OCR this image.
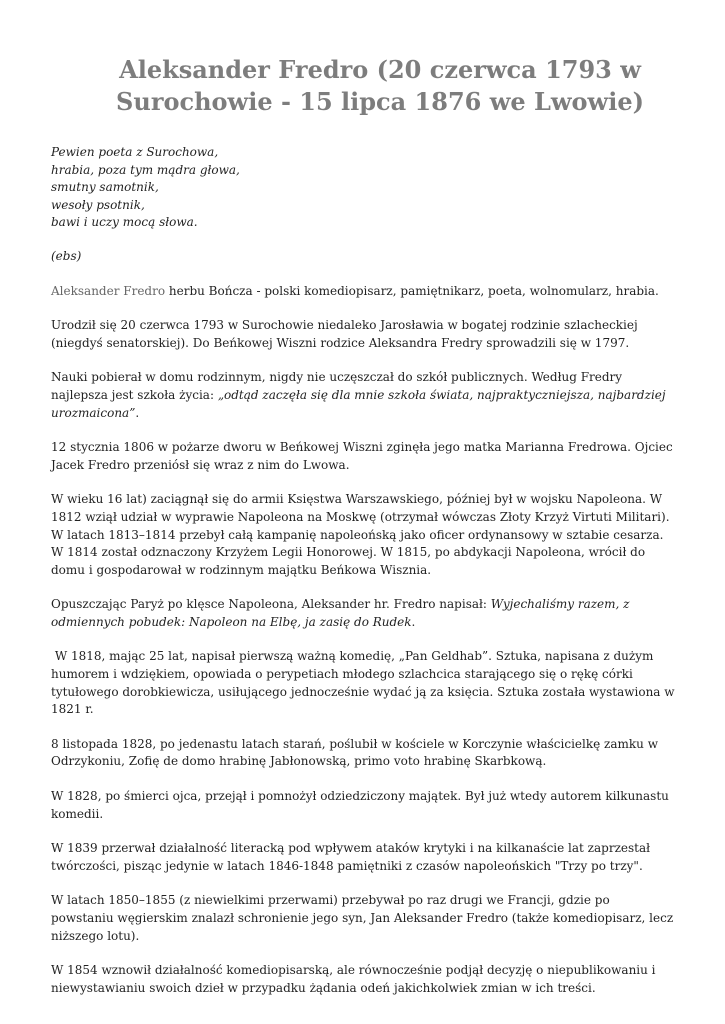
Aleksander Fredro (20 czerwca 1793 w Surochowie - 15 lipca 1876 we Lwowie)
Pewien poeta z Surochowa,
hrabia, poza tym mądra głowa,
smutny samotnik,
wesoły psotnik,
bawi i uczy mocą słowa.

(ebs)

Aleksander Fredro herbu Bończa - polski komediopisarz, pamiętnikarz, poeta, wolnomularz, hrabia.

Urodził się 20 czerwca 1793 w Surochowie niedaleko Jarosławia w bogatej rodzinie szlacheckiej (niegdyś senatorskiej). Do Beńkowej Wiszni rodzice Aleksandra Fredry sprowadzili się w 1797.

Nauki pobierał w domu rodzinnym, nigdy nie uczęszczał do szkół publicznych. Według Fredry najlepsza jest szkoła życia: „odtąd zaczęła się dla mnie szkoła świata, najpraktyczniejsza, najbardziej urozmaicona”.

12 stycznia 1806 w pożarze dworu w Beńkowej Wiszni zginęła jego matka Marianna Fredrowa. Ojciec Jacek Fredro przeniósł się wraz z nim do Lwowa.

W wieku 16 lat) zaciągnął się do armii Księstwa Warszawskiego, później był w wojsku Napoleona. W 1812 wziął udział w wyprawie Napoleona na Moskwę (otrzymał wówczas Złoty Krzyż Virtuti Militari). W latach 1813–1814 przebył całą kampanię napoleońską jako oficer ordynansowy w sztabie cesarza. W 1814 został odznaczony Krzyżem Legii Honorowej. W 1815, po abdykacji Napoleona, wrócił do domu i gospodarował w rodzinnym majątku Beńkowa Wisznia.

Opuszczając Paryż po klęsce Napoleona, Aleksander hr. Fredro napisał: Wyjechaliśmy razem, z odmiennych pobudek: Napoleon na Elbę, ja zasię do Rudek.

W 1818, mając 25 lat, napisał pierwszą ważną komedię, „Pan Geldhab”. Sztuka, napisana z dużym humorem i wdziękiem, opowiada o perypetiach młodego szlachcica starającego się o rękę córki tytułowego dorobkiewicza, usiłującego jednocześnie wydać ją za księcia. Sztuka została wystawiona w 1821 r.

8 listopada 1828, po jedenastu latach starań, poślubił w kościele w Korczynie właścicielkę zamku w Odrzykoniu, Zofię de domo hrabinę Jabłonowską, primo voto hrabinę Skarbkową.

W 1828, po śmierci ojca, przejął i pomnożył odziedziczony majątek. Był już wtedy autorem kilkunastu komedii.

W 1839 przerwał działalność literacką pod wpływem ataków krytyki i na kilkanaście lat zaprzestał twórczości, pisząc jedynie w latach 1846-1848 pamiętniki z czasów napoleońskich "Trzy po trzy".

W latach 1850–1855 (z niewielkimi przerwami) przebywał po raz drugi we Francji, gdzie po powstaniu węgierskim znalazł schronienie jego syn, Jan Aleksander Fredro (także komediopisarz, lecz niższego lotu).

W 1854 wznowił działalność komediopisarską, ale równocześnie podjął decyzję o niepublikowaniu i niewystawianiu swoich dzieł w przypadku żądania odeń jakichkolwiek zmian w ich treści.
